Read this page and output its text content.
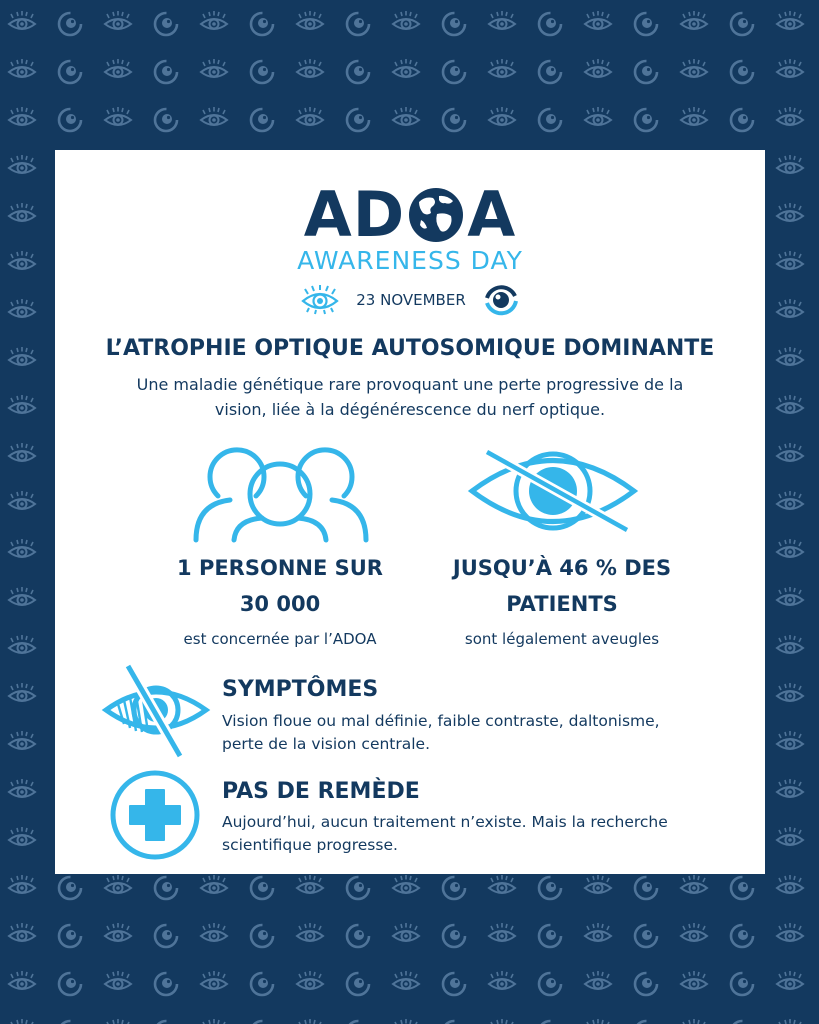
AD A
AWARENESS DAY
23 NOVEMBER
L’ATROPHIE OPTIQUE AUTOSOMIQUE DOMINANTE
Une maladie génétique rare provoquant une perte progressive de la
vision, liée à la dégénérescence du nerf optique.
1 PERSONNE SUR
30 000
est concernée par l’ADOA
JUSQU’À 46 % DES
PATIENTS
sont légalement aveugles
SYMPTÔMES
Vision floue ou mal définie, faible contraste, daltonisme,
perte de la vision centrale.
PAS DE REMÈDE
Aujourd’hui, aucun traitement n’existe. Mais la recherche
scientifique progresse.
